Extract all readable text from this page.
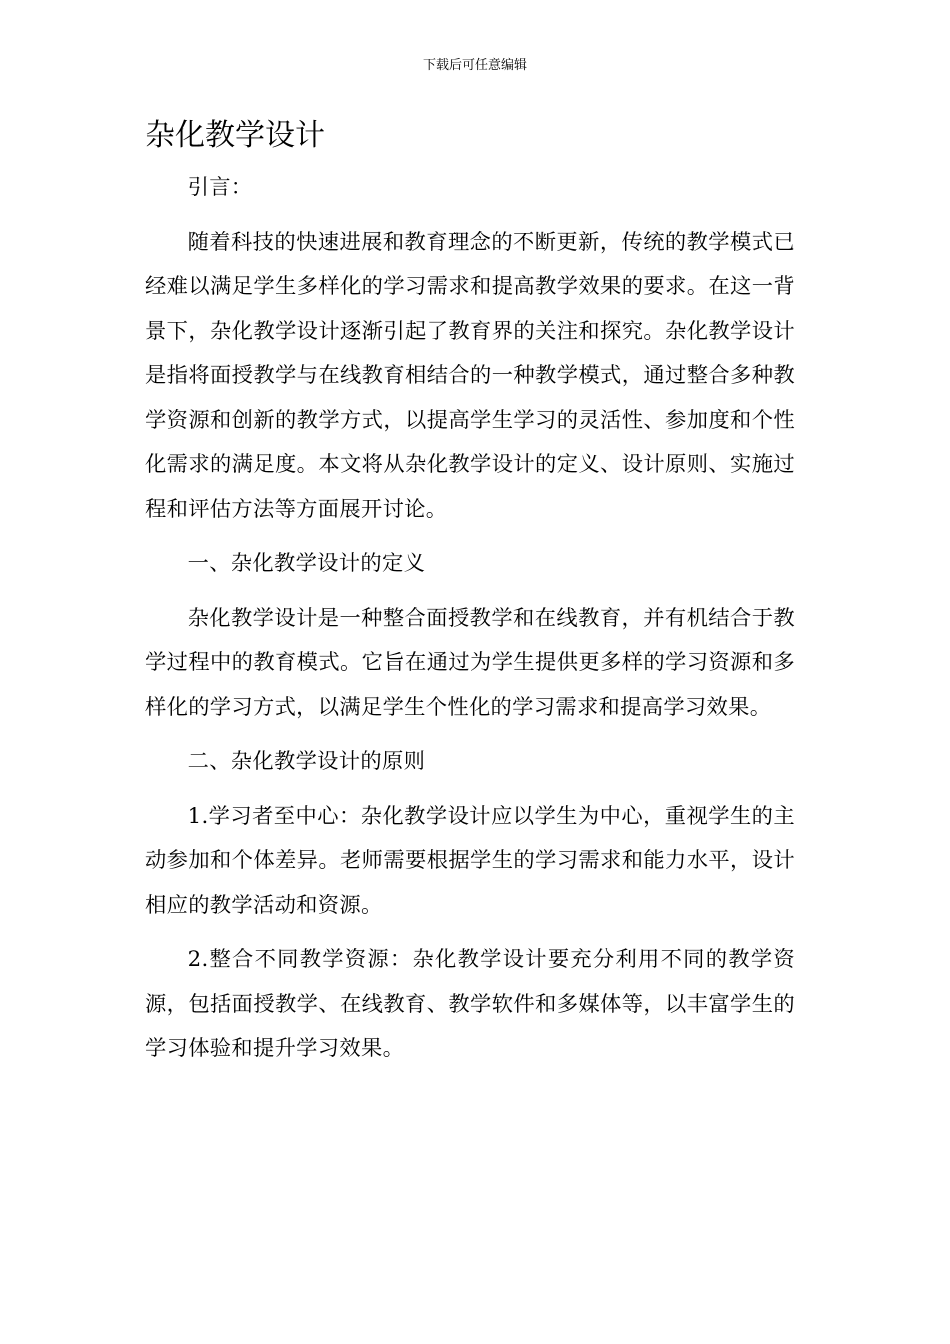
下载后可任意编辑
杂化教学设计

引言：

随着科技的快速进展和教育理念的不断更新，传统的教学模式已经难以满足学生多样化的学习需求和提高教学效果的要求。在这一背景下，杂化教学设计逐渐引起了教育界的关注和探究。杂化教学设计是指将面授教学与在线教育相结合的一种教学模式，通过整合多种教学资源和创新的教学方式，以提高学生学习的灵活性、参加度和个性化需求的满足度。本文将从杂化教学设计的定义、设计原则、实施过程和评估方法等方面展开讨论。

一、杂化教学设计的定义

杂化教学设计是一种整合面授教学和在线教育，并有机结合于教学过程中的教育模式。它旨在通过为学生提供更多样的学习资源和多样化的学习方式，以满足学生个性化的学习需求和提高学习效果。

二、杂化教学设计的原则

1.学习者至中心：杂化教学设计应以学生为中心，重视学生的主动参加和个体差异。老师需要根据学生的学习需求和能力水平，设计相应的教学活动和资源。

2.整合不同教学资源：杂化教学设计要充分利用不同的教学资源，包括面授教学、在线教育、教学软件和多媒体等，以丰富学生的学习体验和提升学习效果。
